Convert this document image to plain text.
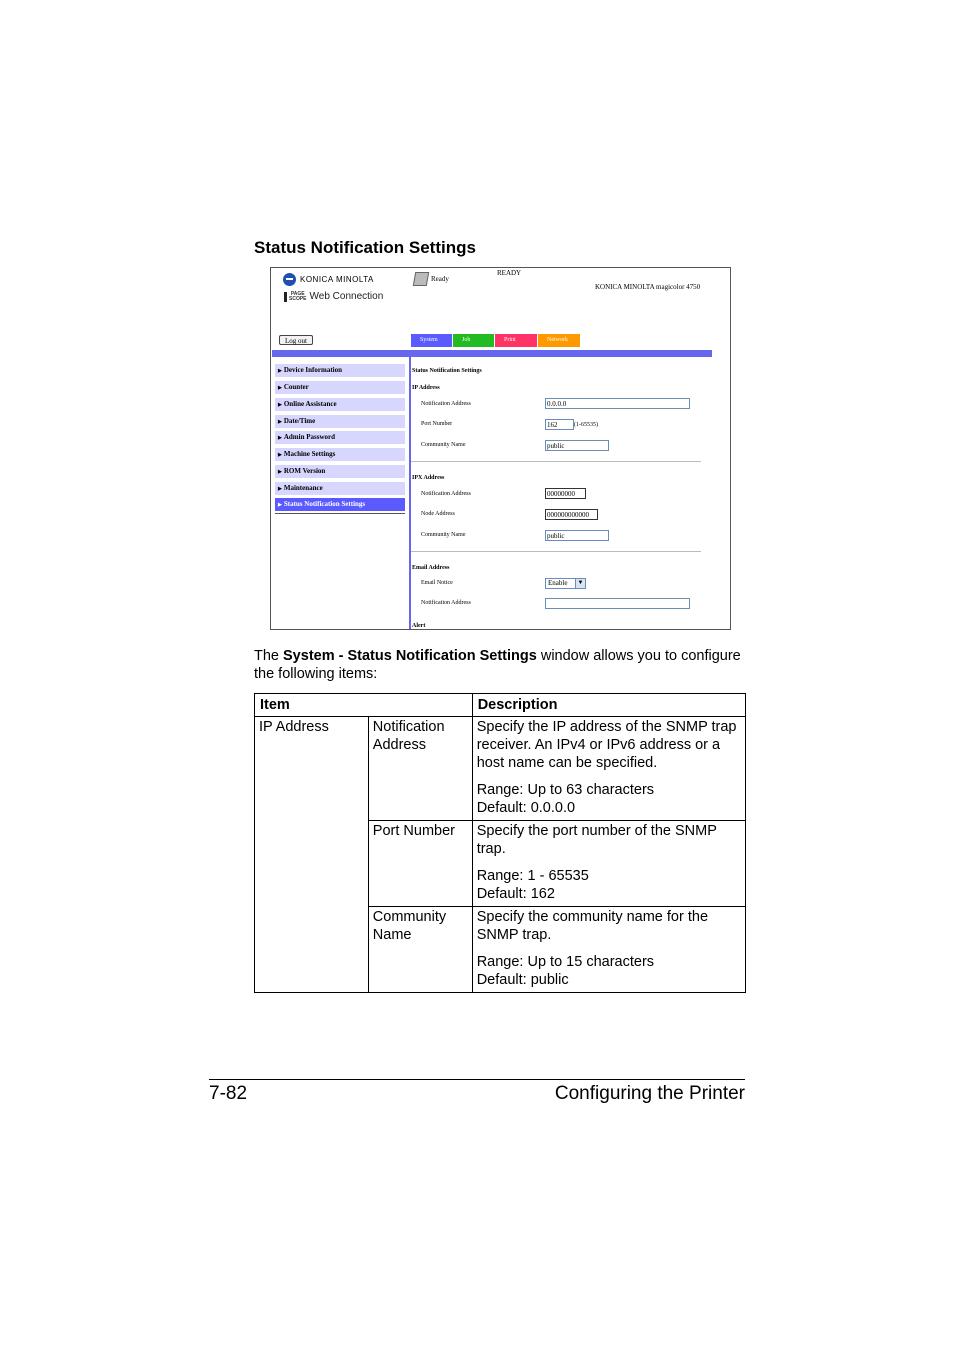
Status Notification Settings
KONICA MINOLTA
PAGE
SCOPE Web Connection
Ready
READY
KONICA MINOLTA magicolor 4750
Log out	System	Job	Print	Network
▶ Device Information
▶ Counter
▶ Online Assistance
▶ Date/Time
▶ Admin Password
▶ Machine Settings
▶ ROM Version
▶ Maintenance
▶ Status Notification Settings
Status Notification Settings
IP Address
Notification Address	0.0.0.0
Port Number	162	(1-65535)
Community Name	public
IPX Address
Notification Address	00000000
Node Address	000000000000
Community Name	public
Email Address
Email Notice	Enable	▼
Notification Address
Alert
The System - Status Notification Settings window allows you to configure the following items:
Item		Description
IP Address	Notification Address	Specify the IP address of the SNMP trap receiver. An IPv4 or IPv6 address or a host name can be specified.

Range: Up to 63 characters
Default: 0.0.0.0

	Port Number	Specify the port number of the SNMP trap.

Range: 1 - 65535
Default: 162

	Community Name	Specify the community name for the SNMP trap.

Range: Up to 15 characters
Default: public

7-82	Configuring the Printer
